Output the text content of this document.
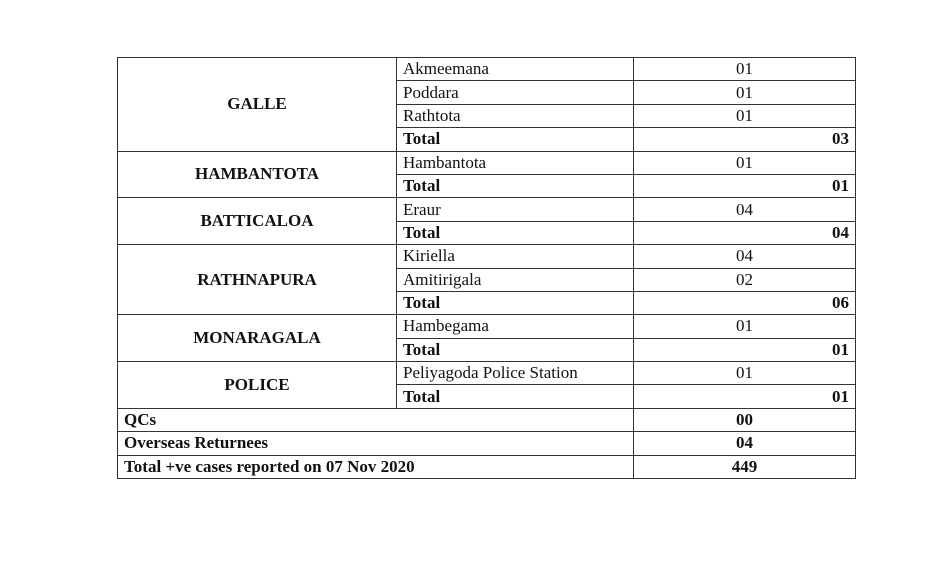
GALLE	Akmeemana	01
	Poddara	01
	Rathtota	01
	Total	03
HAMBANTOTA	Hambantota	01
	Total	01
BATTICALOA	Eraur	04
	Total	04
RATHNAPURA	Kiriella	04
	Amitirigala	02
	Total	06
MONARAGALA	Hambegama	01
	Total	01
POLICE	Peliyagoda Police Station	01
	Total	01
QCs		00
Overseas Returnees		04
Total +ve cases reported on 07 Nov 2020		449
